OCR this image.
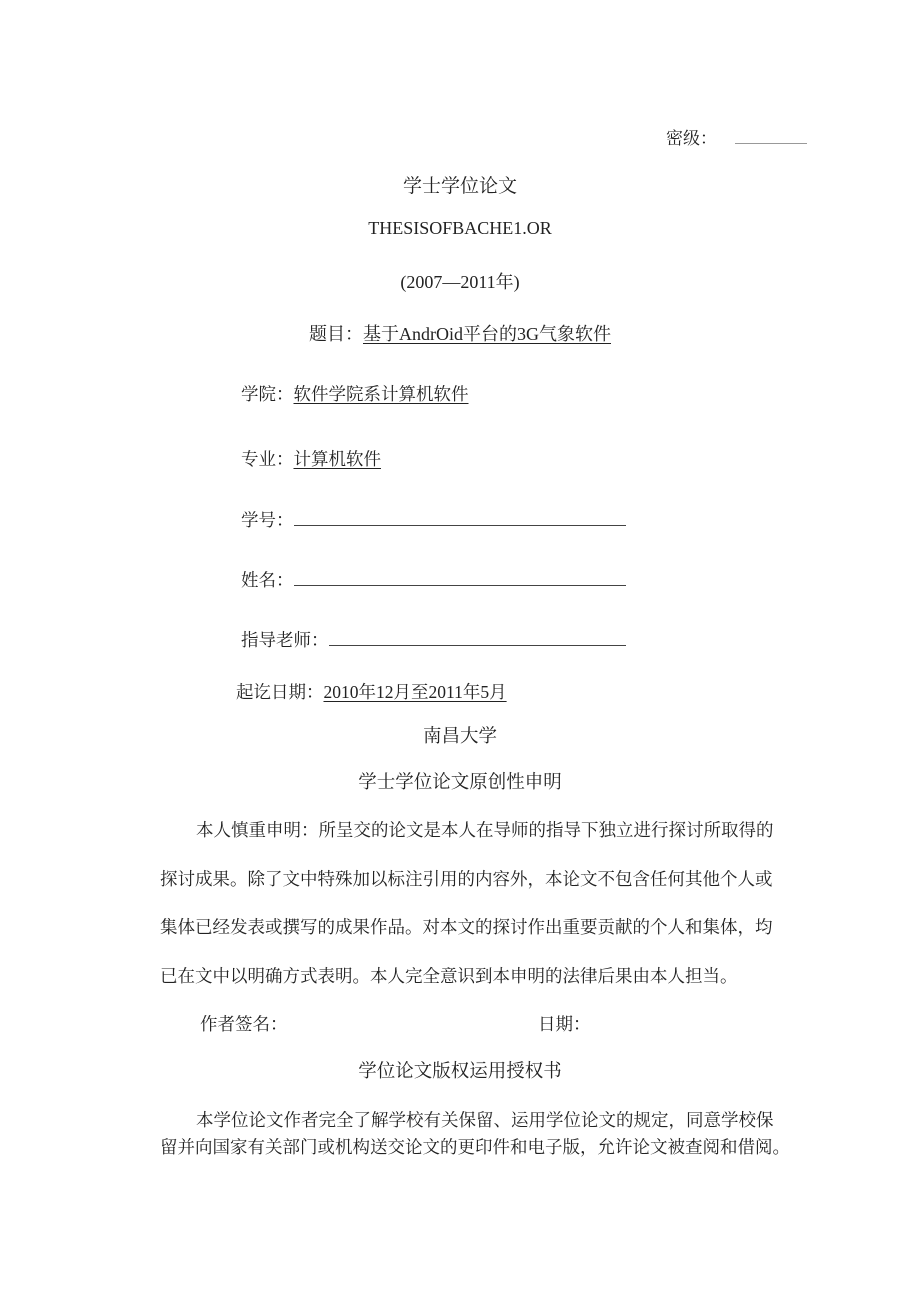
密级：
学士学位论文
THESISOFBACHE1.OR
(2007—2011年)
题目：基于AndrOid平台的3G气象软件
学院：软件学院系计算机软件
专业：计算机软件
学号：
姓名：
指导老师：
起讫日期：2010年12月至2011年5月
南昌大学
学士学位论文原创性申明
本人慎重申明：所呈交的论文是本人在导师的指导下独立进行探讨所取得的
探讨成果。除了文中特殊加以标注引用的内容外，本论文不包含任何其他个人或
集体已经发表或撰写的成果作品。对本文的探讨作出重要贡献的个人和集体，均
已在文中以明确方式表明。本人完全意识到本申明的法律后果由本人担当。
作者签名：	日期：
学位论文版权运用授权书
本学位论文作者完全了解学校有关保留、运用学位论文的规定，同意学校保
留并向国家有关部门或机构送交论文的更印件和电子版，允许论文被查阅和借阅。
